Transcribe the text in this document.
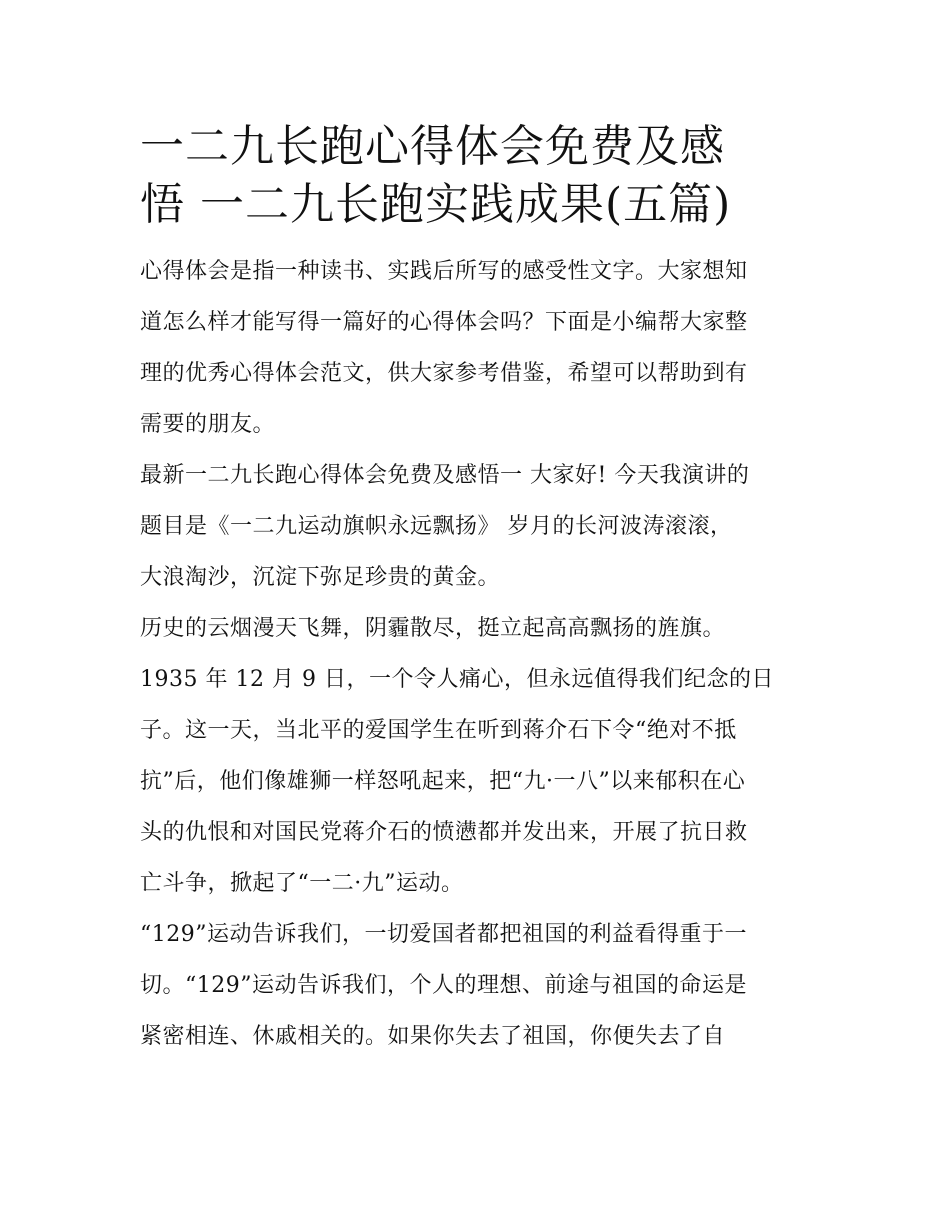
一二九长跑心得体会免费及感
悟 一二九长跑实践成果(五篇)
心得体会是指一种读书、实践后所写的感受性文字。大家想知
道怎么样才能写得一篇好的心得体会吗？下面是小编帮大家整
理的优秀心得体会范文，供大家参考借鉴，希望可以帮助到有
需要的朋友。
最新一二九长跑心得体会免费及感悟一 大家好! 今天我演讲的
题目是《一二九运动旗帜永远飘扬》 岁月的长河波涛滚滚，
大浪淘沙，沉淀下弥足珍贵的黄金。
历史的云烟漫天飞舞，阴霾散尽，挺立起高高飘扬的旌旗。
1935 年 12 月 9 日，一个令人痛心，但永远值得我们纪念的日
子。这一天，当北平的爱国学生在听到蒋介石下令“绝对不抵
抗”后，他们像雄狮一样怒吼起来，把“九·一八”以来郁积在心
头的仇恨和对国民党蒋介石的愤懑都并发出来，开展了抗日救
亡斗争，掀起了“一二·九”运动。
“129”运动告诉我们，一切爱国者都把祖国的利益看得重于一
切。“129”运动告诉我们，个人的理想、前途与祖国的命运是
紧密相连、休戚相关的。如果你失去了祖国，你便失去了自
